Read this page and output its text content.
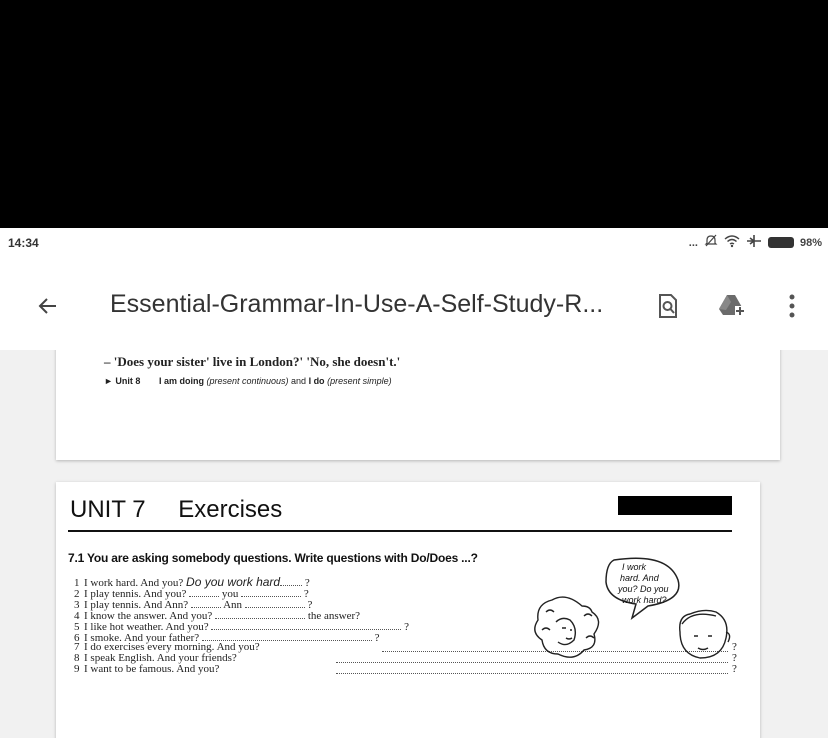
14:34	...	98%
Essential-Grammar-In-Use-A-Self-Study-R...
– 'Does your sister' live in London?' 'No, she doesn't.'
► Unit 8 I am doing (present continuous) and I do (present simple)
UNIT 7 Exercises
7.1 You are asking somebody questions. Write questions with Do/Does ...?
1 I work hard. And you? Do you work hard ?
2 I play tennis. And you?	you	?
3 I play tennis. And Ann?	Ann	?
4 I know the answer. And you?	the answer?
5 I like hot weather. And you?	?
6 I smoke. And your father?	?
7 I do exercises every morning. And you?	?
8 I speak English. And your friends?	?
9 I want to be famous. And you?	?
I work
hard. And
you? Do you
work hard?
